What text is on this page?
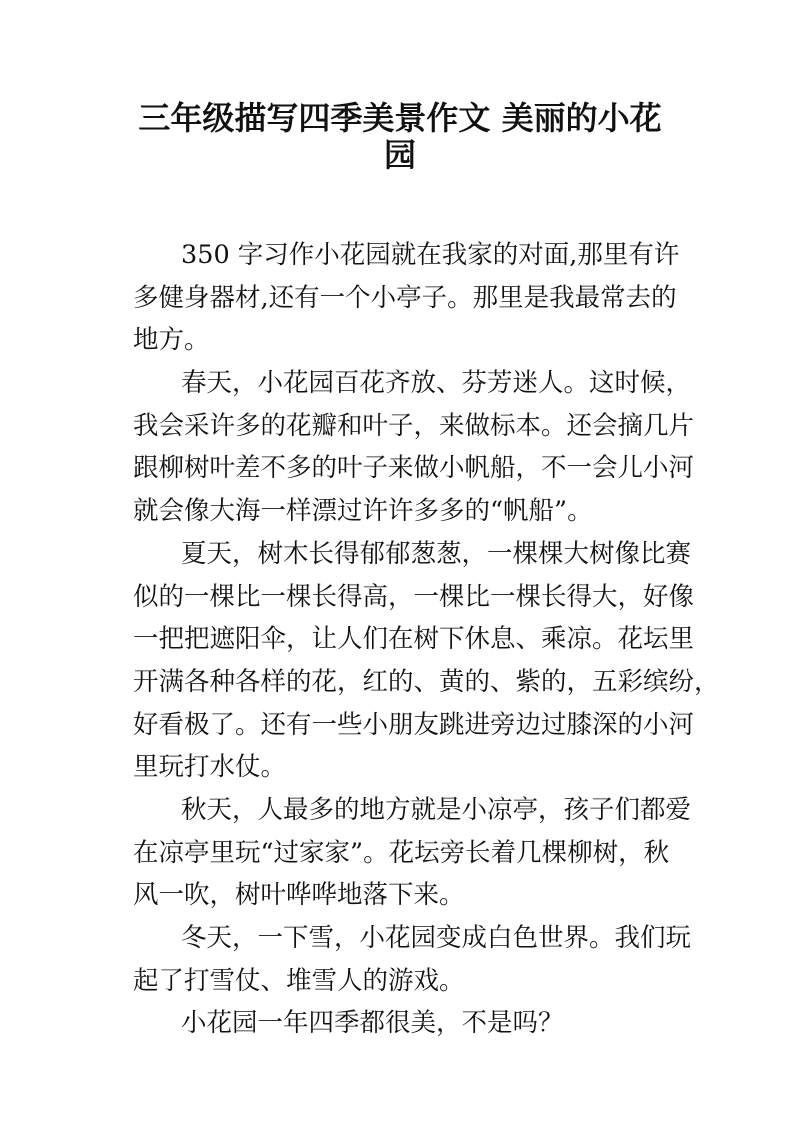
三年级描写四季美景作文 美丽的小花
园
350 字习作小花园就在我家的对面,那里有许
多健身器材,还有一个小亭子。那里是我最常去的
地方。
春天，小花园百花齐放、芬芳迷人。这时候，
我会采许多的花瓣和叶子，来做标本。还会摘几片
跟柳树叶差不多的叶子来做小帆船，不一会儿小河
就会像大海一样漂过许许多多的“帆船”。
夏天，树木长得郁郁葱葱，一棵棵大树像比赛
似的一棵比一棵长得高，一棵比一棵长得大，好像
一把把遮阳伞，让人们在树下休息、乘凉。花坛里
开满各种各样的花，红的、黄的、紫的，五彩缤纷，
好看极了。还有一些小朋友跳进旁边过膝深的小河
里玩打水仗。
秋天，人最多的地方就是小凉亭，孩子们都爱
在凉亭里玩“过家家”。花坛旁长着几棵柳树，秋
风一吹，树叶哗哗地落下来。
冬天，一下雪，小花园变成白色世界。我们玩
起了打雪仗、堆雪人的游戏。
小花园一年四季都很美，不是吗？
